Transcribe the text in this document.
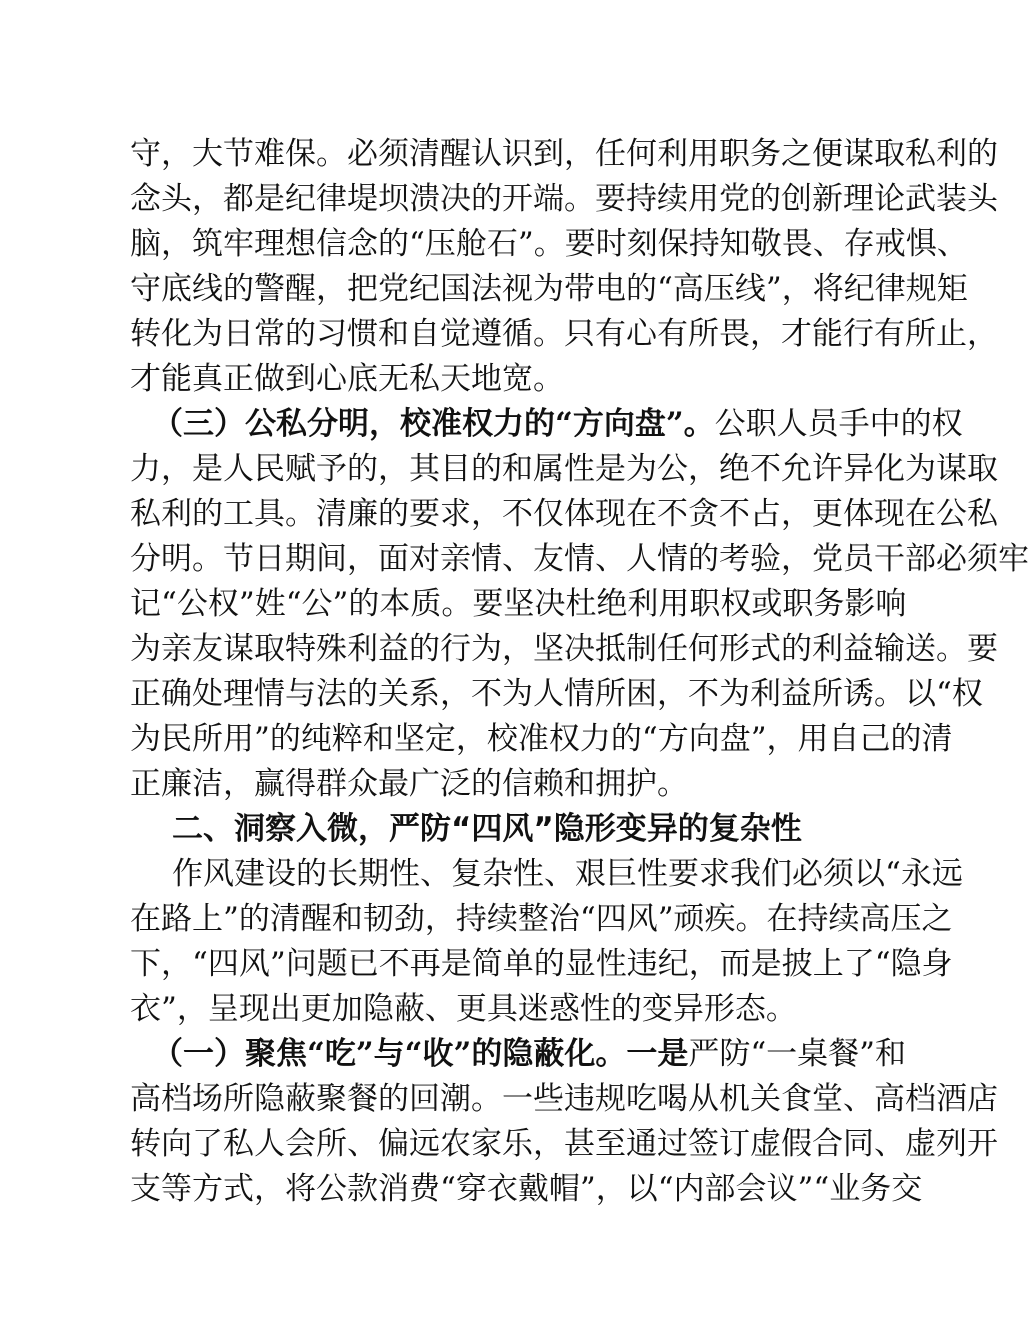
守，大节难保。必须清醒认识到，任何利用职务之便谋取私利的
念头，都是纪律堤坝溃决的开端。要持续用党的创新理论武装头
脑，筑牢理想信念的“压舱石”。要时刻保持知敬畏、存戒惧、
守底线的警醒，把党纪国法视为带电的“高压线”，将纪律规矩
转化为日常的习惯和自觉遵循。只有心有所畏，才能行有所止，
才能真正做到心底无私天地宽。
（三）公私分明，校准权力的“方向盘”。公职人员手中的权
力，是人民赋予的，其目的和属性是为公，绝不允许异化为谋取
私利的工具。清廉的要求，不仅体现在不贪不占，更体现在公私
分明。节日期间，面对亲情、友情、人情的考验，党员干部必须牢
记“公权”姓“公”的本质。要坚决杜绝利用职权或职务影响
为亲友谋取特殊利益的行为，坚决抵制任何形式的利益输送。要
正确处理情与法的关系，不为人情所困，不为利益所诱。以“权
为民所用”的纯粹和坚定，校准权力的“方向盘”，用自己的清
正廉洁，赢得群众最广泛的信赖和拥护。
二、洞察入微，严防“四风”隐形变异的复杂性
作风建设的长期性、复杂性、艰巨性要求我们必须以“永远
在路上”的清醒和韧劲，持续整治“四风”顽疾。在持续高压之
下，“四风”问题已不再是简单的显性违纪，而是披上了“隐身
衣”，呈现出更加隐蔽、更具迷惑性的变异形态。
（一）聚焦“吃”与“收”的隐蔽化。一是严防“一桌餐”和
高档场所隐蔽聚餐的回潮。一些违规吃喝从机关食堂、高档酒店
转向了私人会所、偏远农家乐，甚至通过签订虚假合同、虚列开
支等方式，将公款消费“穿衣戴帽”，以“内部会议”“业务交
